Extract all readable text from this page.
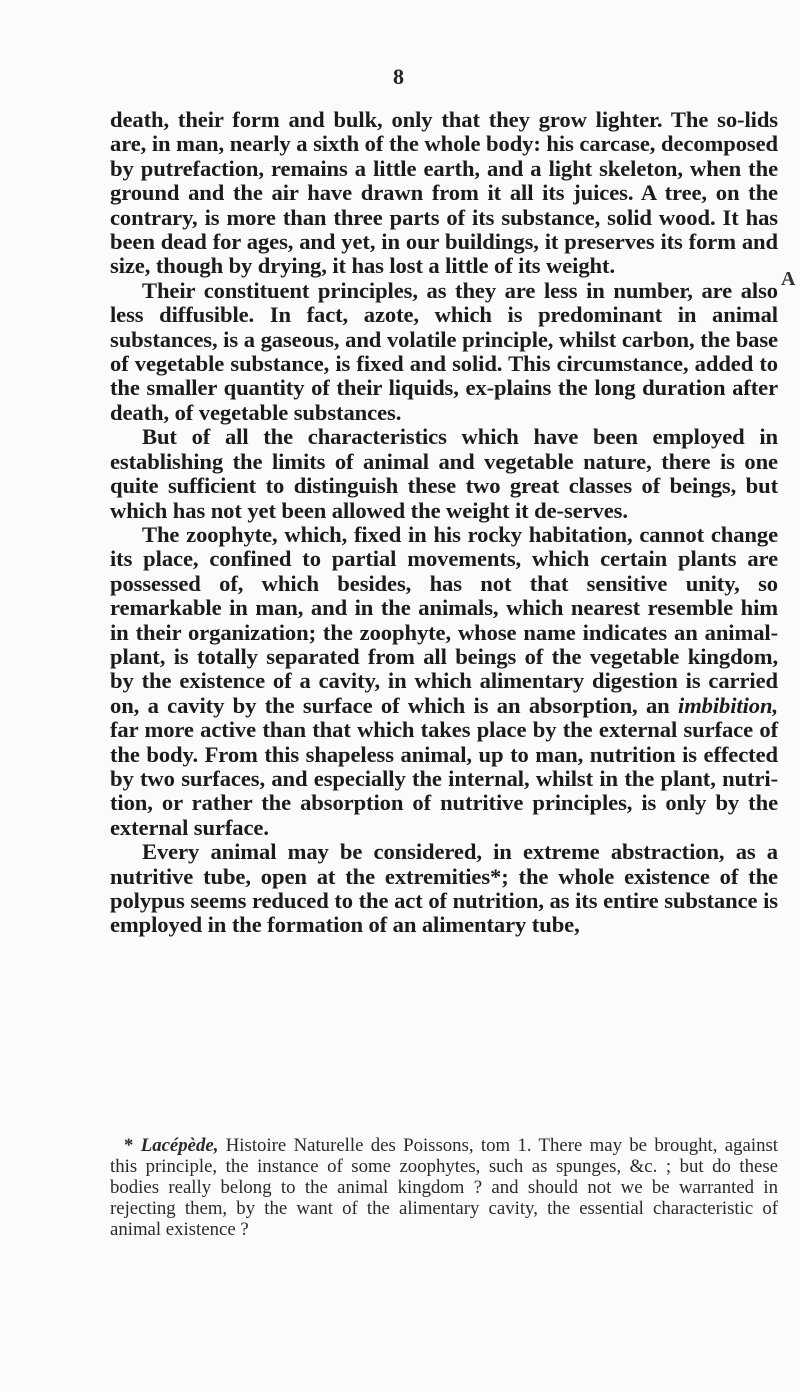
8
A

death, their form and bulk, only that they grow lighter. The so-lids are, in man, nearly a sixth of the whole body: his carcase, decomposed by putrefaction, remains a little earth, and a light skeleton, when the ground and the air have drawn from it all its juices. A tree, on the contrary, is more than three parts of its substance, solid wood. It has been dead for ages, and yet, in our buildings, it preserves its form and size, though by drying, it has lost a little of its weight.

Their constituent principles, as they are less in number, are also less diffusible. In fact, azote, which is predominant in animal substances, is a gaseous, and volatile principle, whilst carbon, the base of vegetable substance, is fixed and solid. This circumstance, added to the smaller quantity of their liquids, ex-plains the long duration after death, of vegetable substances.

But of all the characteristics which have been employed in establishing the limits of animal and vegetable nature, there is one quite sufficient to distinguish these two great classes of beings, but which has not yet been allowed the weight it de-serves.

The zoophyte, which, fixed in his rocky habitation, cannot change its place, confined to partial movements, which certain plants are possessed of, which besides, has not that sensitive unity, so remarkable in man, and in the animals, which nearest resemble him in their organization; the zoophyte, whose name indicates an animal-plant, is totally separated from all beings of the vegetable kingdom, by the existence of a cavity, in which alimentary digestion is carried on, a cavity by the surface of which is an absorption, an imbibition, far more active than that which takes place by the external surface of the body. From this shapeless animal, up to man, nutrition is effected by two surfaces, and especially the internal, whilst in the plant, nutri-tion, or rather the absorption of nutritive principles, is only by the external surface.

Every animal may be considered, in extreme abstraction, as a nutritive tube, open at the extremities*; the whole existence of the polypus seems reduced to the act of nutrition, as its entire substance is employed in the formation of an alimentary tube,

* Lacépède, Histoire Naturelle des Poissons, tom 1. There may be brought, against this principle, the instance of some zoophytes, such as spunges, &c. ; but do these bodies really belong to the animal kingdom ? and should not we be warranted in rejecting them, by the want of the alimentary cavity, the essential characteristic of animal existence ?
